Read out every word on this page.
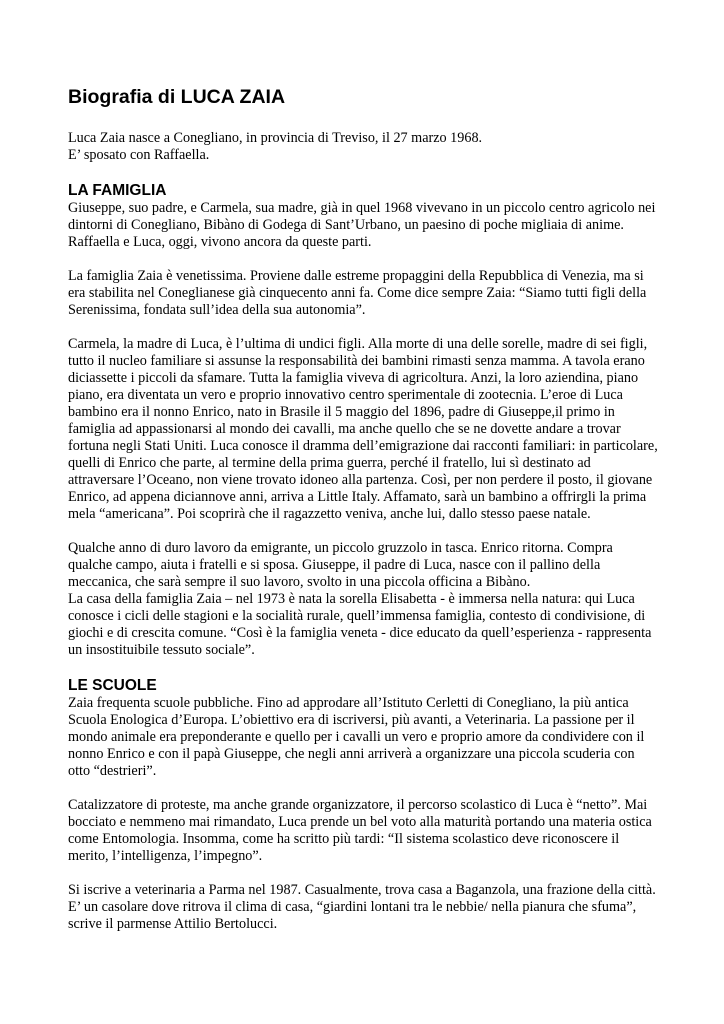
Biografia di LUCA ZAIA

Luca Zaia nasce a Conegliano, in provincia di Treviso, il 27 marzo 1968.

E’ sposato con Raffaella.

LA FAMIGLIA

Giuseppe, suo padre, e Carmela, sua madre, già in quel 1968 vivevano in un piccolo centro agricolo nei dintorni di Conegliano, Bibàno di Godega di Sant’Urbano, un paesino di poche migliaia di anime. Raffaella e Luca, oggi, vivono ancora da queste parti.

La famiglia Zaia è venetissima. Proviene dalle estreme propaggini della Repubblica di Venezia, ma si era stabilita nel Coneglianese già cinquecento anni fa. Come dice sempre Zaia: “Siamo tutti figli della Serenissima, fondata sull’idea della sua autonomia”.

Carmela, la madre di Luca, è l’ultima di undici figli. Alla morte di una delle sorelle, madre di sei figli, tutto il nucleo familiare si assunse la responsabilità dei bambini rimasti senza mamma. A tavola erano diciassette i piccoli da sfamare. Tutta la famiglia viveva di agricoltura. Anzi, la loro aziendina, piano piano, era diventata un vero e proprio innovativo centro sperimentale di zootecnia. L’eroe di Luca bambino era il nonno Enrico, nato in Brasile il 5 maggio del 1896, padre di Giuseppe,il primo in famiglia ad appassionarsi al mondo dei cavalli, ma anche quello che se ne dovette andare a trovar fortuna negli Stati Uniti. Luca conosce il dramma dell’emigrazione dai racconti familiari: in particolare, quelli di Enrico che parte, al termine della prima guerra, perché il fratello, lui sì destinato ad attraversare l’Oceano, non viene trovato idoneo alla partenza. Così, per non perdere il posto, il giovane Enrico, ad appena diciannove anni, arriva a Little Italy. Affamato, sarà un bambino a offrirgli la prima mela “americana”. Poi scoprirà che il ragazzetto veniva, anche lui, dallo stesso paese natale.

Qualche anno di duro lavoro da emigrante, un piccolo gruzzolo in tasca. Enrico ritorna. Compra qualche campo, aiuta i fratelli e si sposa. Giuseppe, il padre di Luca, nasce con il pallino della meccanica, che sarà sempre il suo lavoro, svolto in una piccola officina a Bibàno.

La casa della famiglia Zaia – nel 1973 è nata la sorella Elisabetta - è immersa nella natura: qui Luca conosce i cicli delle stagioni e la socialità rurale, quell’immensa famiglia, contesto di condivisione, di giochi e di crescita comune. “Così è la famiglia veneta - dice educato da quell’esperienza - rappresenta un insostituibile tessuto sociale”.

LE SCUOLE

Zaia frequenta scuole pubbliche. Fino ad approdare all’Istituto Cerletti di Conegliano, la più antica Scuola Enologica d’Europa. L’obiettivo era di iscriversi, più avanti, a Veterinaria. La passione per il mondo animale era preponderante e quello per i cavalli un vero e proprio amore da condividere con il nonno Enrico e con il papà Giuseppe, che negli anni arriverà a organizzare una piccola scuderia con otto “destrieri”.

Catalizzatore di proteste, ma anche grande organizzatore, il percorso scolastico di Luca è “netto”. Mai bocciato e nemmeno mai rimandato, Luca prende un bel voto alla maturità portando una materia ostica come Entomologia. Insomma, come ha scritto più tardi: “Il sistema scolastico deve riconoscere il merito, l’intelligenza, l’impegno”.

Si iscrive a veterinaria a Parma nel 1987. Casualmente, trova casa a Baganzola, una frazione della città. E’ un casolare dove ritrova il clima di casa, “giardini lontani tra le nebbie/ nella pianura che sfuma”, scrive il parmense Attilio Bertolucci.
